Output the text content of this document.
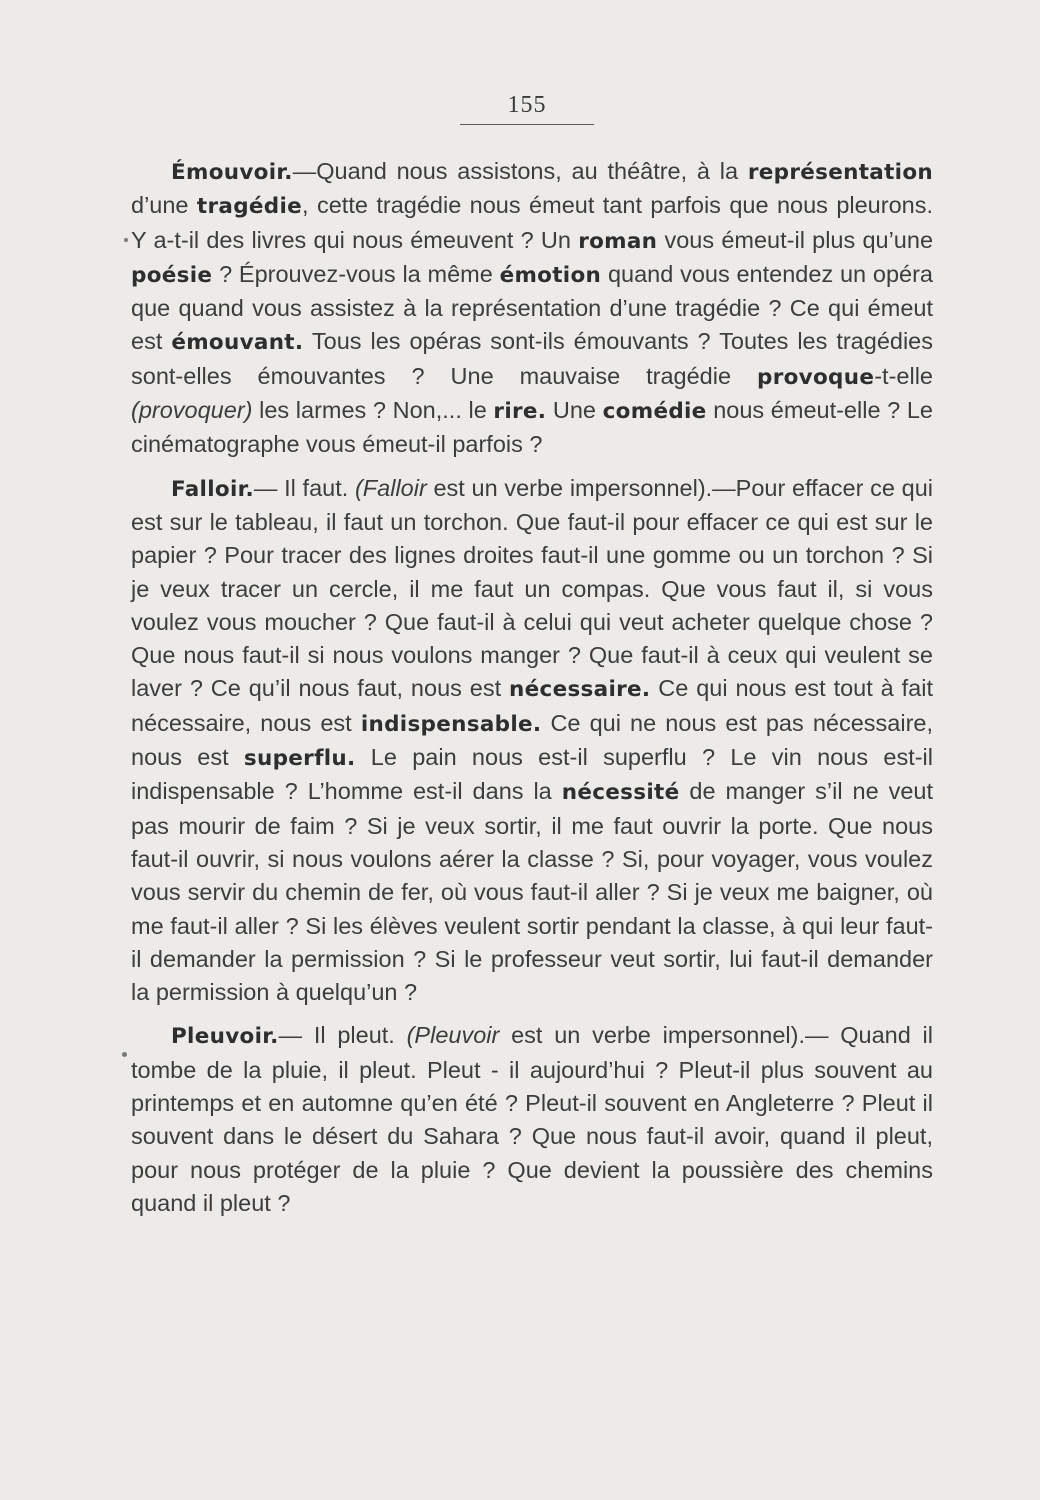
155

Émouvoir.—Quand nous assistons, au théâtre, à la représentation d’une tragédie, cette tragédie nous émeut tant parfois que nous pleurons. Y a-t-il des livres qui nous émeuvent ? Un roman vous émeut-il plus qu’une poésie ? Éprouvez-vous la même émotion quand vous entendez un opéra que quand vous assistez à la représentation d’une tragédie ? Ce qui émeut est émouvant. Tous les opéras sont-ils émouvants ? Toutes les tragédies sont-elles émouvantes ? Une mauvaise tragédie provoque-t-elle (provoquer) les larmes ? Non,... le rire. Une comédie nous émeut-elle ? Le cinématographe vous émeut-il parfois ?

Falloir.— Il faut. (Falloir est un verbe impersonnel).—Pour effacer ce qui est sur le tableau, il faut un torchon. Que faut-il pour effacer ce qui est sur le papier ? Pour tracer des lignes droites faut-il une gomme ou un torchon ? Si je veux tracer un cercle, il me faut un compas. Que vous faut il, si vous voulez vous moucher ? Que faut-il à celui qui veut acheter quelque chose ? Que nous faut-il si nous voulons manger ? Que faut-il à ceux qui veulent se laver ? Ce qu’il nous faut, nous est nécessaire. Ce qui nous est tout à fait nécessaire, nous est indispensable. Ce qui ne nous est pas nécessaire, nous est superflu. Le pain nous est-il superflu ? Le vin nous est-il indispensable ? L’homme est-il dans la nécessité de manger s’il ne veut pas mourir de faim ? Si je veux sortir, il me faut ouvrir la porte. Que nous faut-il ouvrir, si nous voulons aérer la classe ? Si, pour voyager, vous voulez vous servir du chemin de fer, où vous faut-il aller ? Si je veux me baigner, où me faut-il aller ? Si les élèves veulent sortir pendant la classe, à qui leur faut-il demander la permission ? Si le professeur veut sortir, lui faut-il demander la permission à quelqu’un ?

Pleuvoir.— Il pleut. (Pleuvoir est un verbe impersonnel).— Quand il tombe de la pluie, il pleut. Pleut - il aujourd’hui ? Pleut-il plus souvent au printemps et en automne qu’en été ? Pleut-il souvent en Angleterre ? Pleut il souvent dans le désert du Sahara ? Que nous faut-il avoir, quand il pleut, pour nous protéger de la pluie ? Que devient la poussière des chemins quand il pleut ?
